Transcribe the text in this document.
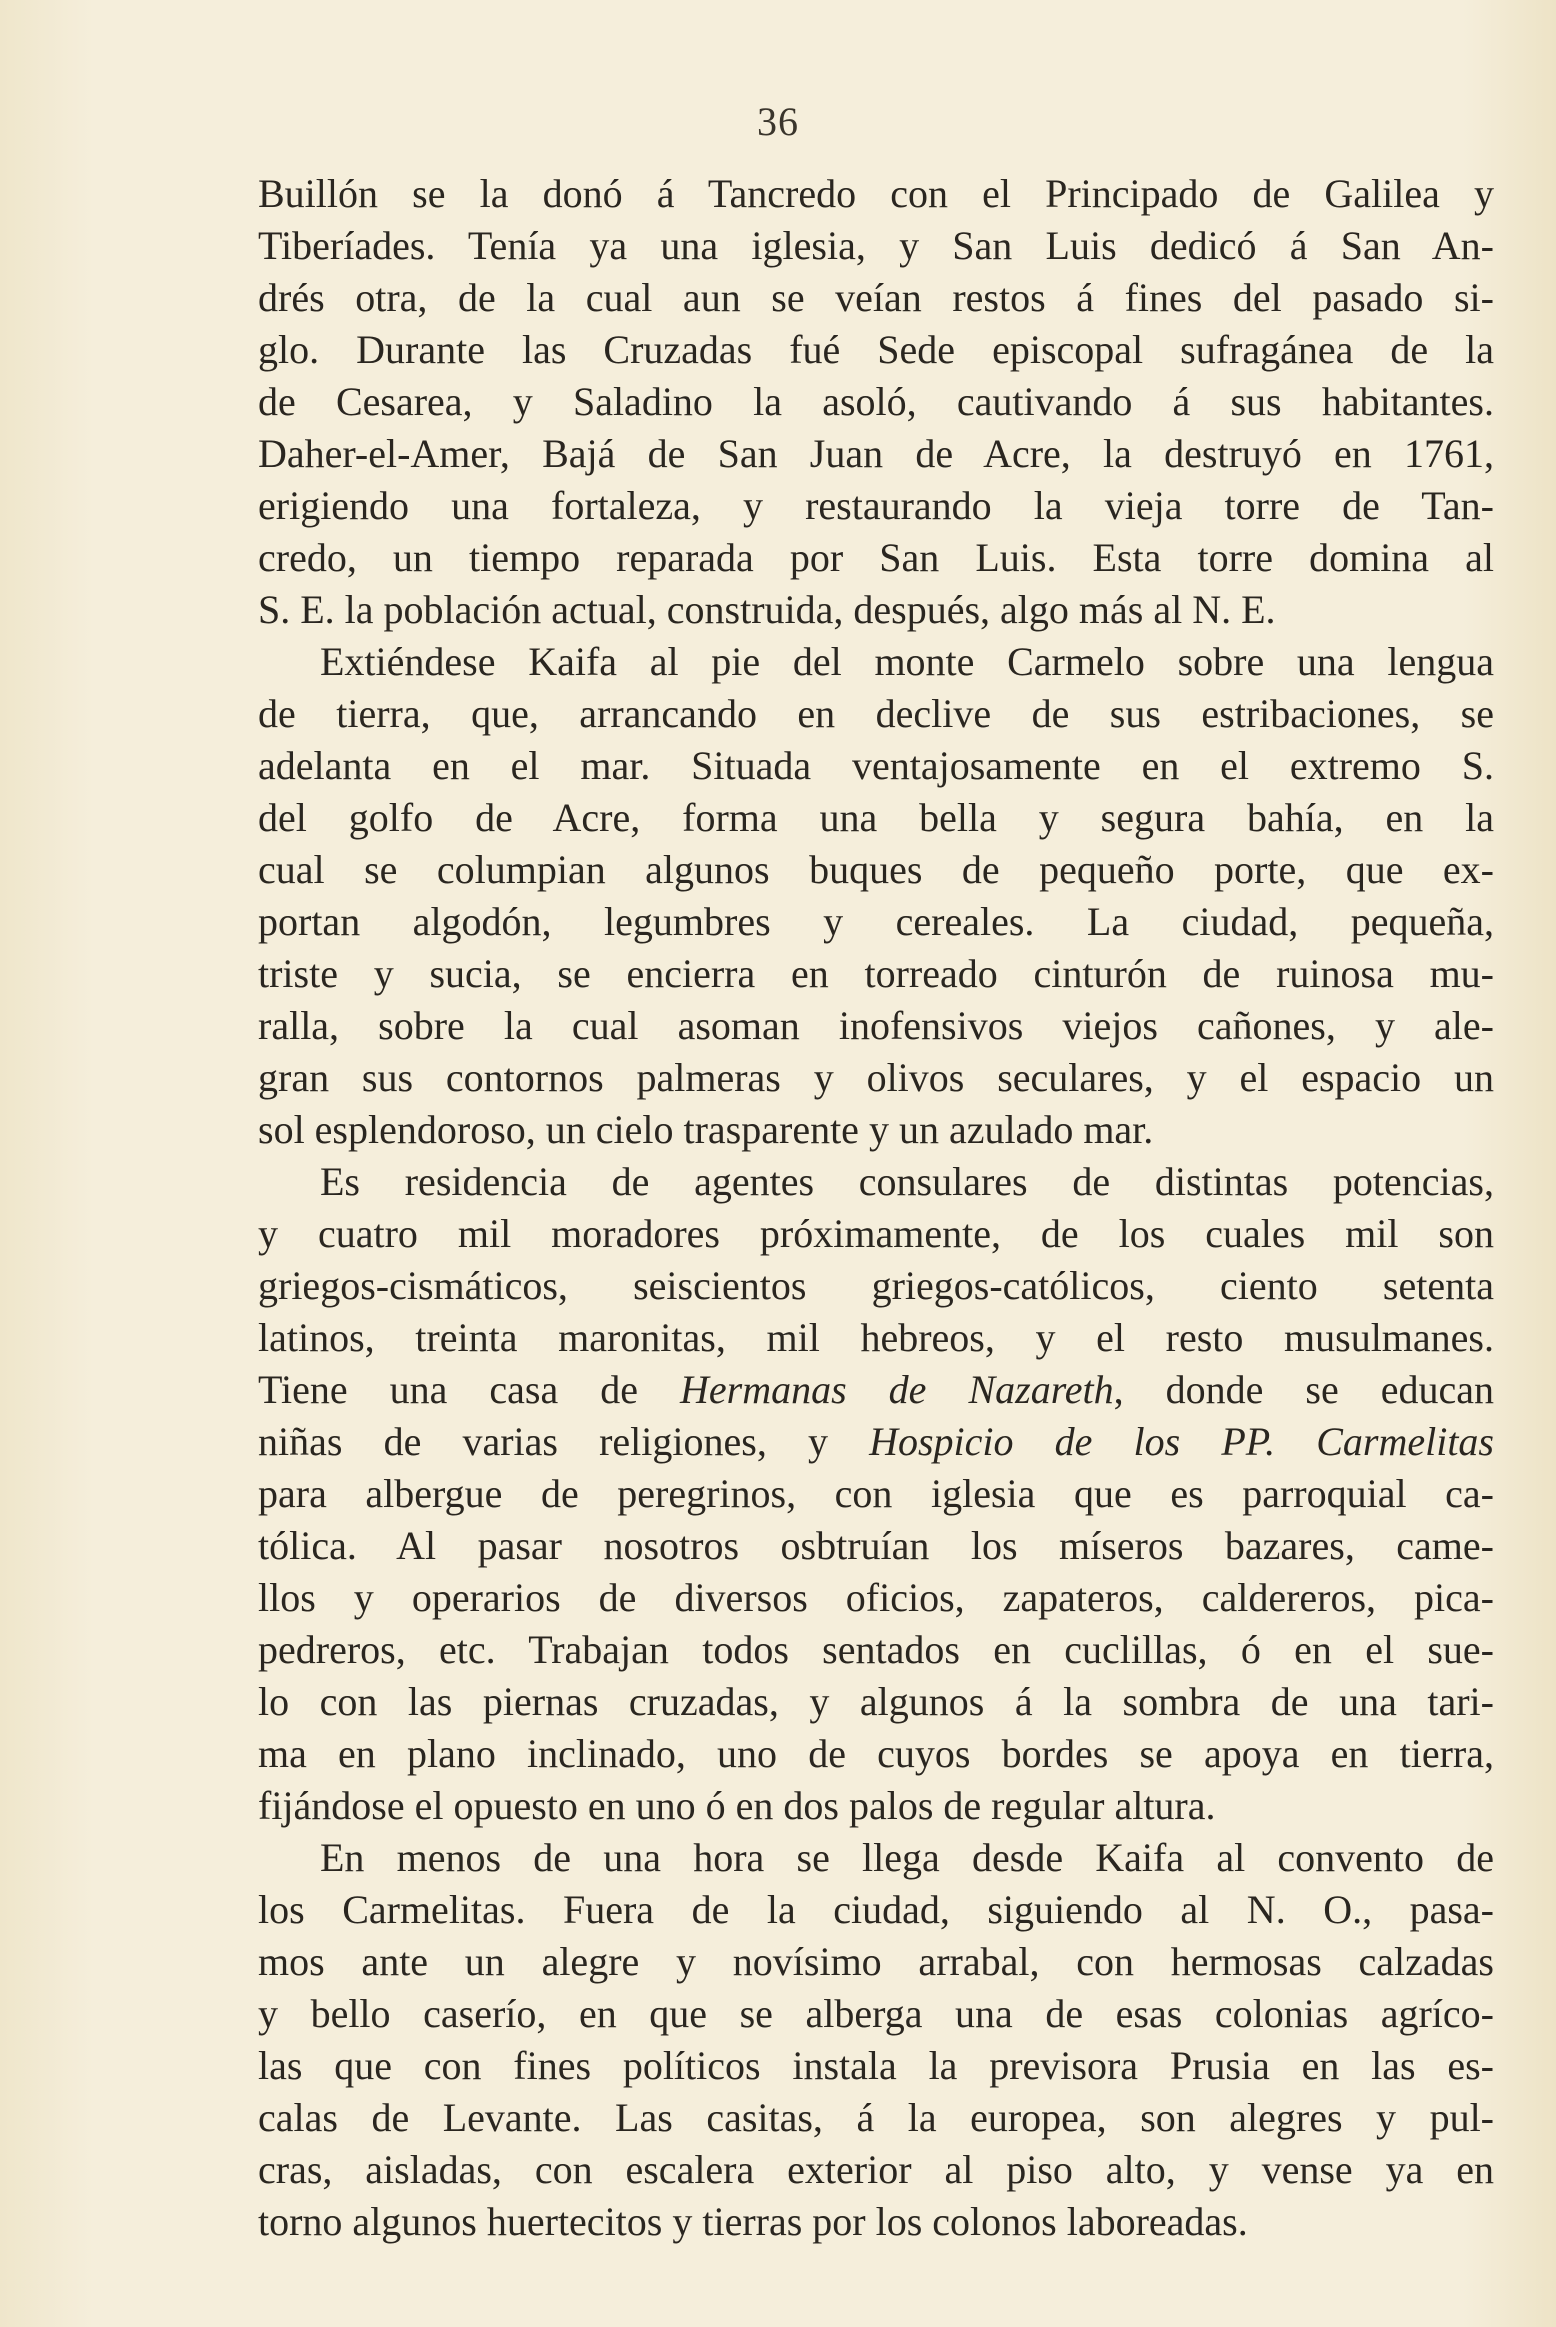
36
Buillón se la donó á Tancredo con el Principado de Galilea y
Tiberíades. Tenía ya una iglesia, y San Luis dedicó á San An-
drés otra, de la cual aun se veían restos á fines del pasado si-
glo. Durante las Cruzadas fué Sede episcopal sufragánea de la
de Cesarea, y Saladino la asoló, cautivando á sus habitantes.
Daher-el-Amer, Bajá de San Juan de Acre, la destruyó en 1761,
erigiendo una fortaleza, y restaurando la vieja torre de Tan-
credo, un tiempo reparada por San Luis. Esta torre domina al
S. E. la población actual, construida, después, algo más al N. E.
Extiéndese Kaifa al pie del monte Carmelo sobre una lengua
de tierra, que, arrancando en declive de sus estribaciones, se
adelanta en el mar. Situada ventajosamente en el extremo S.
del golfo de Acre, forma una bella y segura bahía, en la
cual se columpian algunos buques de pequeño porte, que ex-
portan algodón, legumbres y cereales. La ciudad, pequeña,
triste y sucia, se encierra en torreado cinturón de ruinosa mu-
ralla, sobre la cual asoman inofensivos viejos cañones, y ale-
gran sus contornos palmeras y olivos seculares, y el espacio un
sol esplendoroso, un cielo trasparente y un azulado mar.
Es residencia de agentes consulares de distintas potencias,
y cuatro mil moradores próximamente, de los cuales mil son
griegos-cismáticos, seiscientos griegos-católicos, ciento setenta
latinos, treinta maronitas, mil hebreos, y el resto musulmanes.
Tiene una casa de Hermanas de Nazareth, donde se educan
niñas de varias religiones, y Hospicio de los PP. Carmelitas
para albergue de peregrinos, con iglesia que es parroquial ca-
tólica. Al pasar nosotros osbtruían los míseros bazares, came-
llos y operarios de diversos oficios, zapateros, caldereros, pica-
pedreros, etc. Trabajan todos sentados en cuclillas, ó en el sue-
lo con las piernas cruzadas, y algunos á la sombra de una tari-
ma en plano inclinado, uno de cuyos bordes se apoya en tierra,
fijándose el opuesto en uno ó en dos palos de regular altura.
En menos de una hora se llega desde Kaifa al convento de
los Carmelitas. Fuera de la ciudad, siguiendo al N. O., pasa-
mos ante un alegre y novísimo arrabal, con hermosas calzadas
y bello caserío, en que se alberga una de esas colonias agríco-
las que con fines políticos instala la previsora Prusia en las es-
calas de Levante. Las casitas, á la europea, son alegres y pul-
cras, aisladas, con escalera exterior al piso alto, y vense ya en
torno algunos huertecitos y tierras por los colonos laboreadas.
